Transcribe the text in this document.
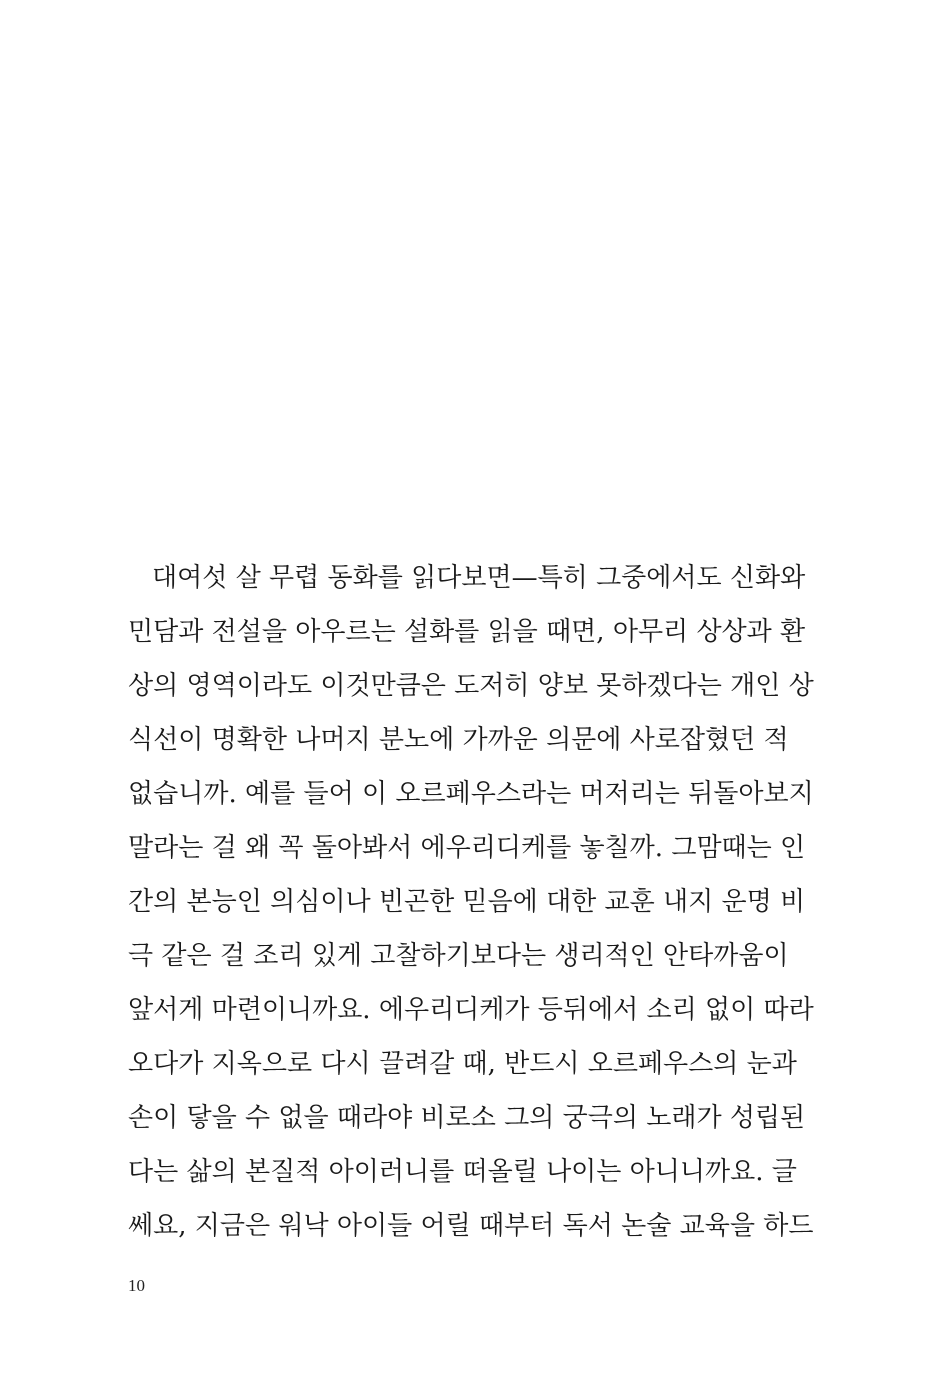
대여섯 살 무렵 동화를 읽다보면—특히 그중에서도 신화와
민담과 전설을 아우르는 설화를 읽을 때면, 아무리 상상과 환
상의 영역이라도 이것만큼은 도저히 양보 못하겠다는 개인 상
식선이 명확한 나머지 분노에 가까운 의문에 사로잡혔던 적
없습니까. 예를 들어 이 오르페우스라는 머저리는 뒤돌아보지
말라는 걸 왜 꼭 돌아봐서 에우리디케를 놓칠까. 그맘때는 인
간의 본능인 의심이나 빈곤한 믿음에 대한 교훈 내지 운명 비
극 같은 걸 조리 있게 고찰하기보다는 생리적인 안타까움이
앞서게 마련이니까요. 에우리디케가 등뒤에서 소리 없이 따라
오다가 지옥으로 다시 끌려갈 때, 반드시 오르페우스의 눈과
손이 닿을 수 없을 때라야 비로소 그의 궁극의 노래가 성립된
다는 삶의 본질적 아이러니를 떠올릴 나이는 아니니까요. 글
쎄요, 지금은 워낙 아이들 어릴 때부터 독서 논술 교육을 하드
10
